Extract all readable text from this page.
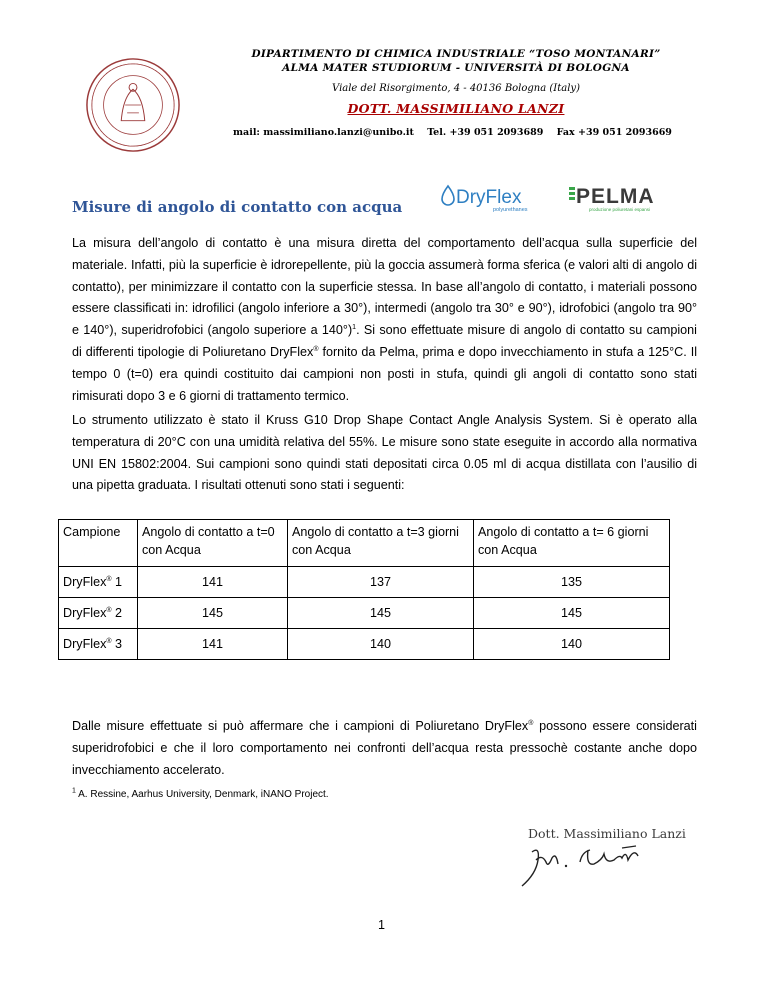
DIPARTIMENTO DI CHIMICA INDUSTRIALE “TOSO MONTANARI”
ALMA MATER STUDIORUM - UNIVERSITÀ DI BOLOGNA
Viale del Risorgimento, 4 - 40136 Bologna (Italy)
DOTT. MASSIMILIANO LANZI
mail: massimiliano.lanzi@unibo.it Tel. +39 051 2093689 Fax +39 051 2093669
Misure di angolo di contatto con acqua	DryFlex
polyurethanes
PELMA
produzione poliuretani espansi

La misura dell’angolo di contatto è una misura diretta del comportamento dell’acqua sulla superficie del materiale. Infatti, più la superficie è idrorepellente, più la goccia assumerà forma sferica (e valori alti di angolo di contatto), per minimizzare il contatto con la superficie stessa. In base all’angolo di contatto, i materiali possono essere classificati in: idrofilici (angolo inferiore a 30°), intermedi (angolo tra 30° e 90°), idrofobici (angolo tra 90° e 140°), superidrofobici (angolo superiore a 140°)$^1$. Si sono effettuate misure di angolo di contatto su campioni di differenti tipologie di Poliuretano DryFlex® fornito da Pelma, prima e dopo invecchiamento in stufa a 125°C. Il tempo 0 (t=0) era quindi costituito dai campioni non posti in stufa, quindi gli angoli di contatto sono stati rimisurati dopo 3 e 6 giorni di trattamento termico.

Lo strumento utilizzato è stato il Kruss G10 Drop Shape Contact Angle Analysis System. Si è operato alla temperatura di 20°C con una umidità relativa del 55%. Le misure sono state eseguite in accordo alla normativa UNI EN 15802:2004. Sui campioni sono quindi stati depositati circa 0.05 ml di acqua distillata con l’ausilio di una pipetta graduata. I risultati ottenuti sono stati i seguenti:

Campione	Angolo di contatto a t=0 con Acqua	Angolo di contatto a t=3 giorni con Acqua	Angolo di contatto a t= 6 giorni con Acqua
DryFlex® 1	141	137	135
DryFlex® 2	145	145	145
DryFlex® 3	141	140	140

Dalle misure effettuate si può affermare che i campioni di Poliuretano DryFlex® possono essere considerati superidrofobici e che il loro comportamento nei confronti dell’acqua resta pressochè costante anche dopo invecchiamento accelerato.

$^1$ A. Ressine, Aarhus University, Denmark, iNANO Project.
Dott. Massimiliano Lanzi
1
